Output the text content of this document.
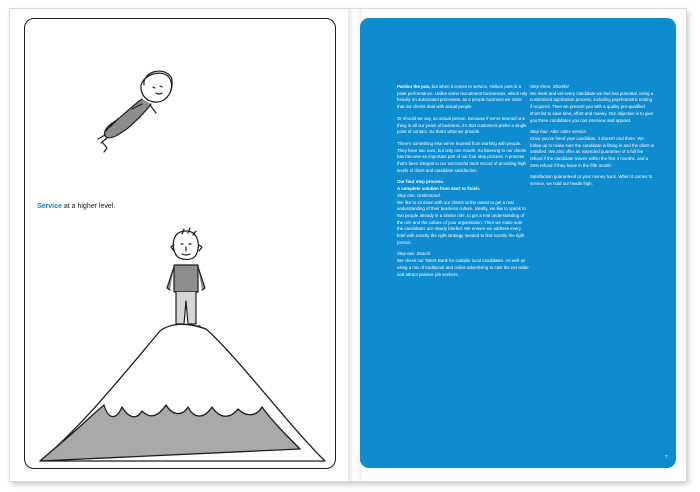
Service at a higher level.

Pardon the pun, but when it comes to service, Helium puts in a peak performance. Unlike some recruitment businesses, which rely heavily on automated processes, as a people business we insist that our clients deal with actual people.

Or should we say, an actual person. Because if we've learned one thing in all our years of business, it's that customers prefer a single point of contact. So that's what we provide.

There's something else we've learned from working with people. They have two ears, but only one mouth. So listening to our clients has become an important part of our four step process. A process that's been integral to our successful track record of providing high levels of client and candidate satisfaction.

Our four step process.
A complete solution from start to finish.
Step one. Understand.
We like to sit down with our clients at the outset to get a real understanding of their business culture. Ideally, we like to speak to two people already in a similar role, to get a real understanding of the role and the culture of your organisation. Then we make sure the candidates are clearly briefed. We ensure we address every brief with exactly the right strategy needed to find exactly the right person.

Step two. Search.
We check our Talent Bank for suitable local candidates. As well as using a mix of traditional and online advertising to cast the net wider and attract passive job seekers.

Step three. Shortlist
We meet and vet every candidate we feel has potential, using a customised application process, including psychometric testing if required. Then we present you with a quality pre-qualified short list to save time, effort and money. Our objective is to give you three candidates you can interview and appoint.

Step four. After sales service.
Once you've hired your candidate, it doesn't end there. We follow up to make sure the candidate is fitting in and the client is satisfied. We also offer an extended guarantee of a full fee refund if the candidate leaves within the first 4 months, and a 25% refund if they leave in the fifth month.

Satisfaction guaranteed or your money back. When it comes to service, we hold our heads high.

7
